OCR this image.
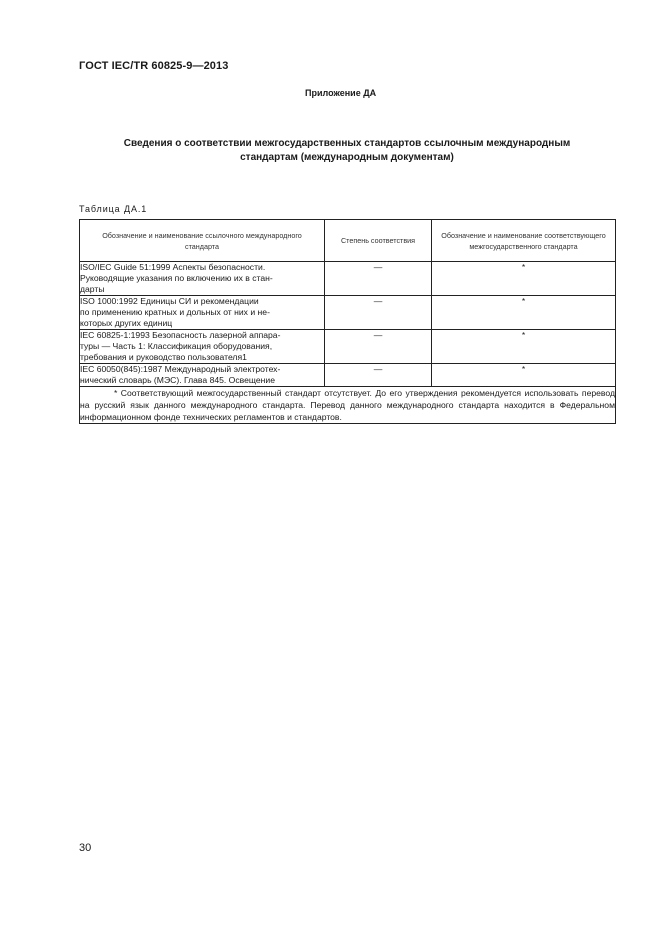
ГОСТ IEC/TR 60825-9—2013
Приложение ДА
Сведения о соответствии межгосударственных стандартов ссылочным международным
стандартам (международным документам)
Таблица ДА.1
Обозначение и наименование ссылочного международного стандарта	Степень соответствия	Обозначение и наименование соответствующего межгосударственного стандарта

ISO/IEC Guide 51:1999 Аспекты безопасности.
Руководящие указания по включению их в стан-
дарты	—	*

ISO 1000:1992 Единицы СИ и рекомендации
по применению кратных и дольных от них и не-
которых других единиц	—	*

IEC 60825-1:1993 Безопасность лазерной аппара-
туры — Часть 1: Классификация оборудования,
требования и руководство пользователя1	—	*

IEC 60050(845):1987 Международный электротех-
нический словарь (МЭС). Глава 845. Освещение	—	*
* Соответствующий межгосударственный стандарт отсутствует. До его утверждения рекомендуется использовать перевод на русский язык данного международного стандарта. Перевод данного международного стандарта находится в Федеральном информационном фонде технических регламентов и стандартов.		
30
